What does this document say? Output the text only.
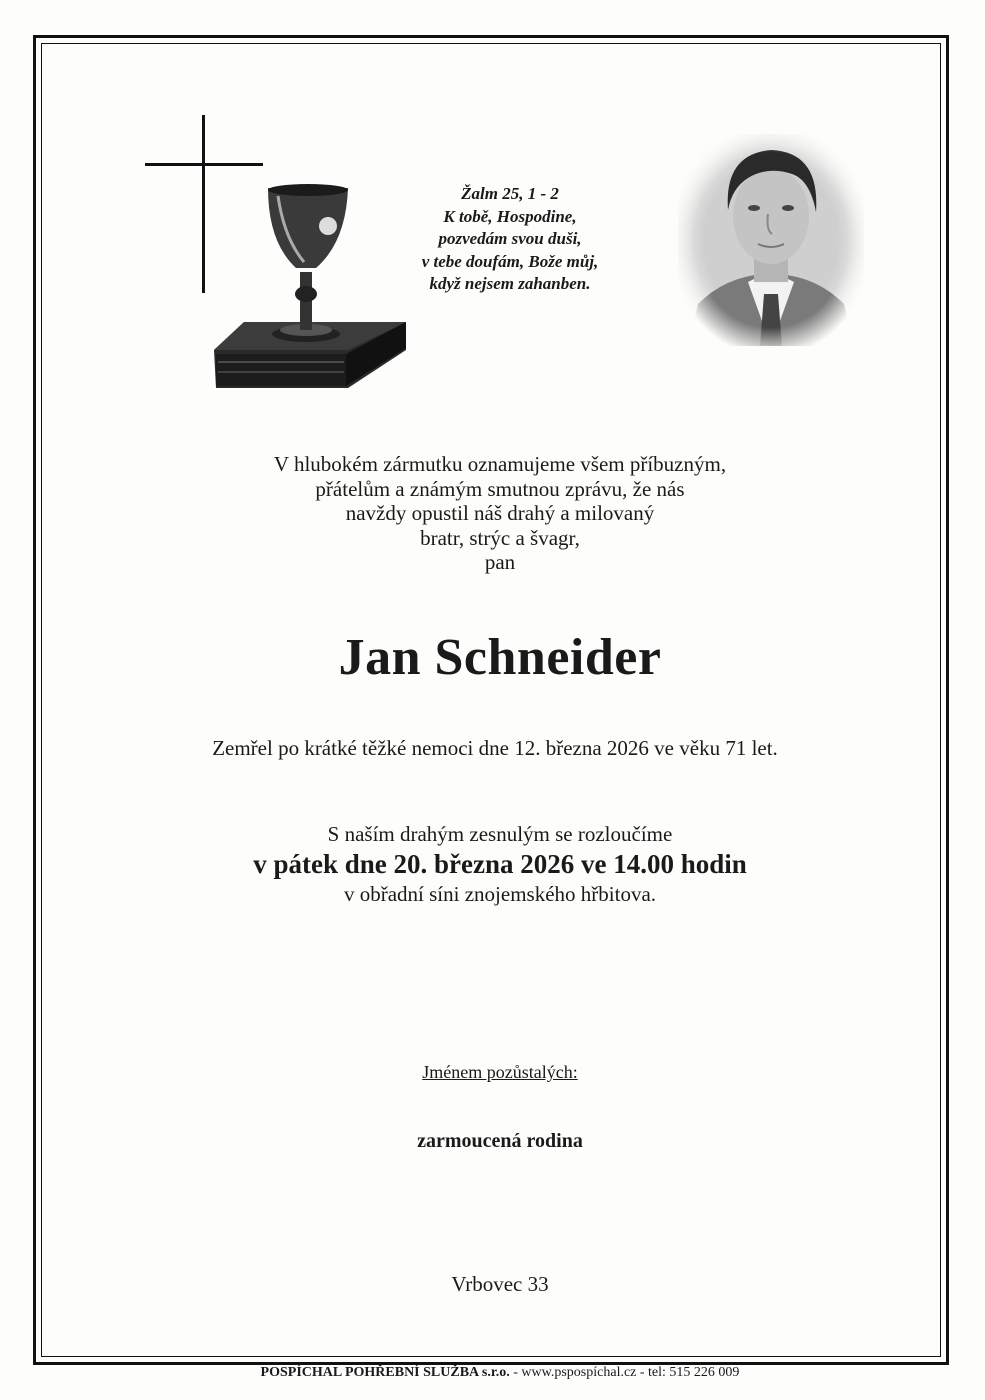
Žalm 25, 1 - 2
K tobě, Hospodine,
pozvedám svou duši,
v tebe doufám, Bože můj,
když nejsem zahanben.
V hlubokém zármutku oznamujeme všem příbuzným,
přátelům a známým smutnou zprávu, že nás
navždy opustil náš drahý a milovaný
bratr, strýc a švagr,
pan
Jan Schneider
Zemřel po krátké těžké nemoci dne 12. března 2026 ve věku 71 let.
S naším drahým zesnulým se rozloučíme
v pátek dne 20. března 2026 ve 14.00 hodin
v obřadní síni znojemského hřbitova.
Jménem pozůstalých:
zarmoucená rodina
Vrbovec 33
POSPÍCHAL POHŘEBNÍ SLUŽBA s.r.o. - www.pspospíchal.cz - tel: 515 226 009
